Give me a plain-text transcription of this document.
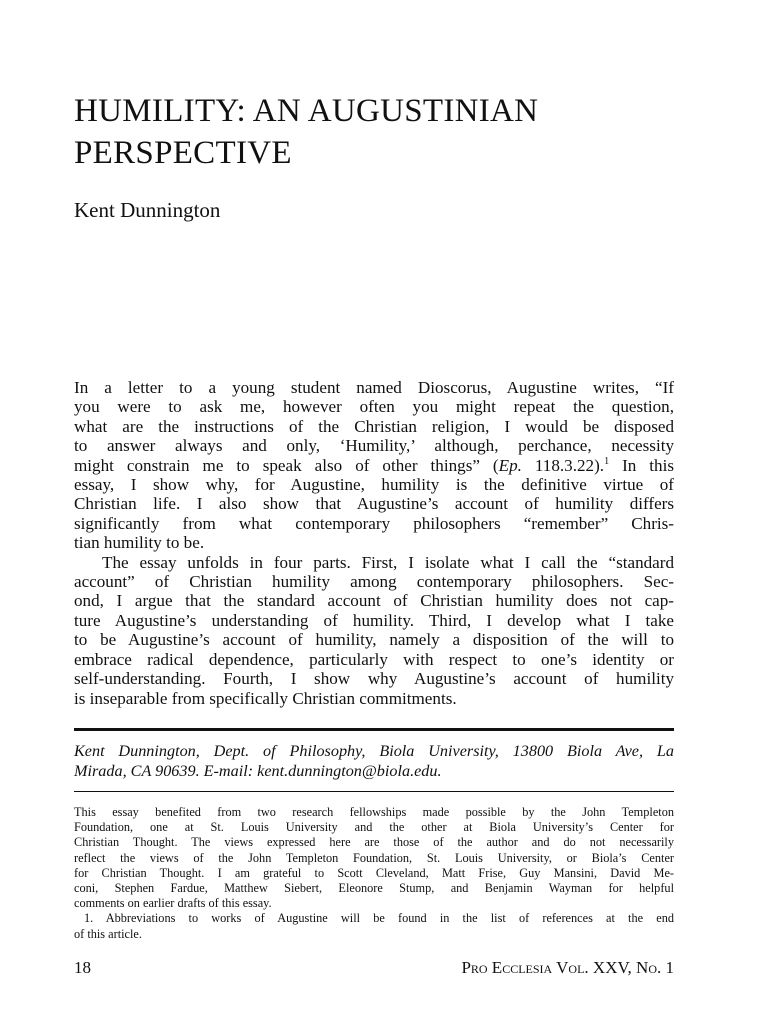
HUMILITY: AN AUGUSTINIAN
PERSPECTIVE

Kent Dunnington

In a letter to a young student named Dioscorus, Augustine writes, “If
you were to ask me, however often you might repeat the question,
what are the instructions of the Christian religion, I would be disposed
to answer always and only, ‘Humility,’ although, perchance, necessity
might constrain me to speak also of other things” (Ep. 118.3.22).$^1$ In this
essay, I show why, for Augustine, humility is the definitive virtue of
Christian life. I also show that Augustine’s account of humility differs
significantly from what contemporary philosophers “remember” Chris-
tian humility to be.
The essay unfolds in four parts. First, I isolate what I call the “standard
account” of Christian humility among contemporary philosophers. Sec-
ond, I argue that the standard account of Christian humility does not cap-
ture Augustine’s understanding of humility. Third, I develop what I take
to be Augustine’s account of humility, namely a disposition of the will to
embrace radical dependence, particularly with respect to one’s identity or
self-understanding. Fourth, I show why Augustine’s account of humility
is inseparable from specifically Christian commitments.
Kent Dunnington, Dept. of Philosophy, Biola University, 13800 Biola Ave, La
Mirada, CA 90639. E-mail: kent.dunnington@biola.edu.
This essay benefited from two research fellowships made possible by the John Templeton
Foundation, one at St. Louis University and the other at Biola University’s Center for
Christian Thought. The views expressed here are those of the author and do not necessarily
reflect the views of the John Templeton Foundation, St. Louis University, or Biola’s Center
for Christian Thought. I am grateful to Scott Cleveland, Matt Frise, Guy Mansini, David Me-
coni, Stephen Fardue, Matthew Siebert, Eleonore Stump, and Benjamin Wayman for helpful
comments on earlier drafts of this essay.
1. Abbreviations to works of Augustine will be found in the list of references at the end
of this article.
18	Pro Ecclesia Vol. XXV, No. 1
